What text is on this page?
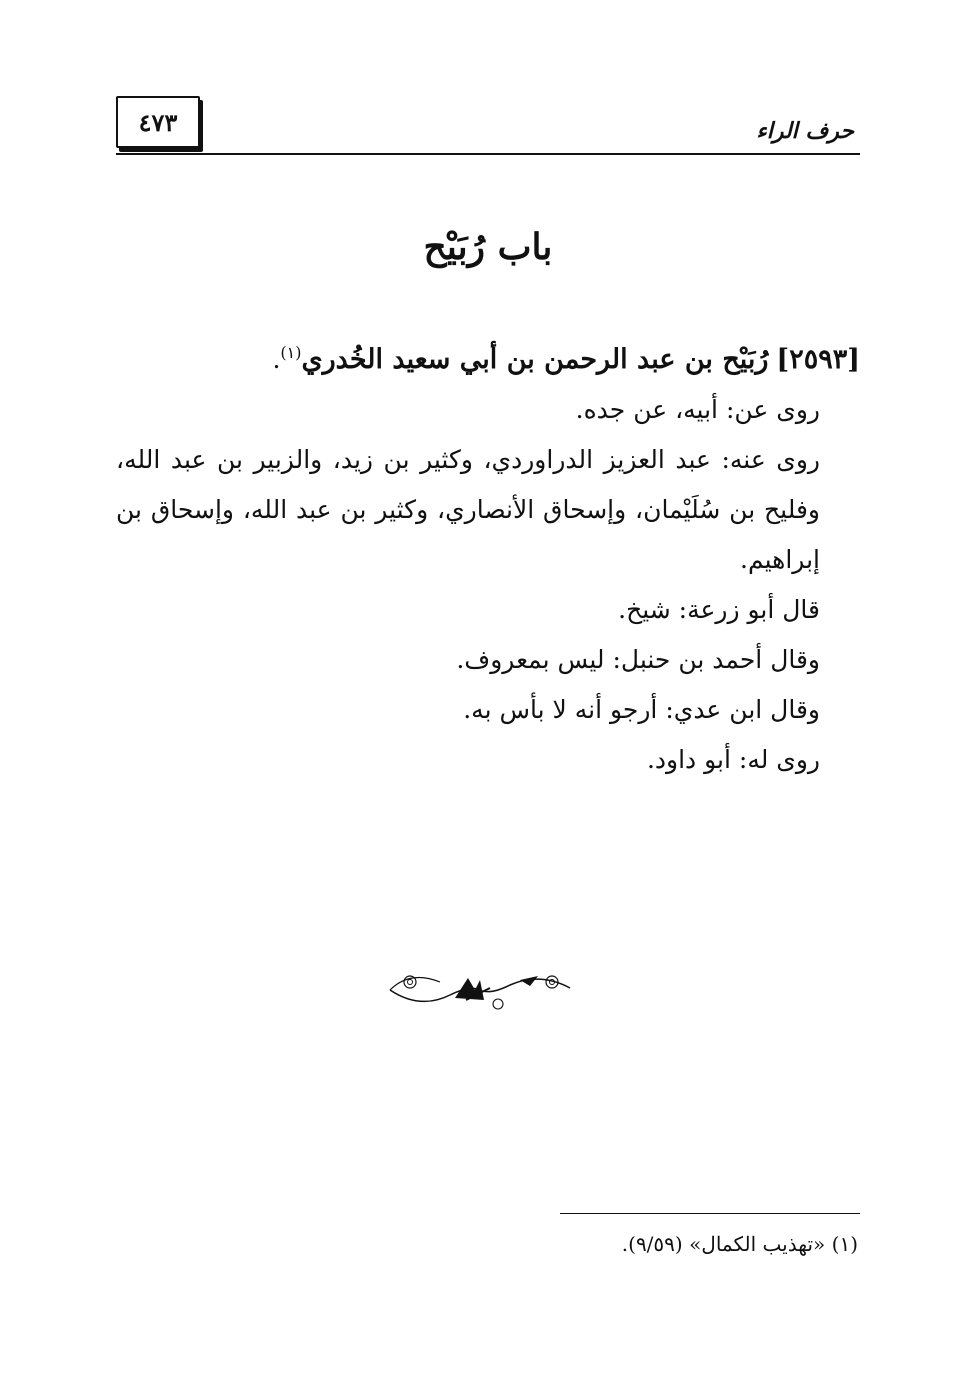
٤٧٣	حرف الراء
باب رُبَيْح

[٢٥٩٣] رُبَيْح بن عبد الرحمن بن أبي سعيد الخُدري$^{(١)}$.

روى عن: أبيه، عن جده.

روى عنه: عبد العزيز الدراوردي، وكثير بن زيد، والزبير بن عبد الله، وفليح بن سُلَيْمان، وإسحاق الأنصاري، وكثير بن عبد الله، وإسحاق بن إبراهيم.

قال أبو زرعة: شيخ.

وقال أحمد بن حنبل: ليس بمعروف.

وقال ابن عدي: أرجو أنه لا بأس به.

روى له: أبو داود.

(١) «تهذيب الكمال» (٩/٥٩).
